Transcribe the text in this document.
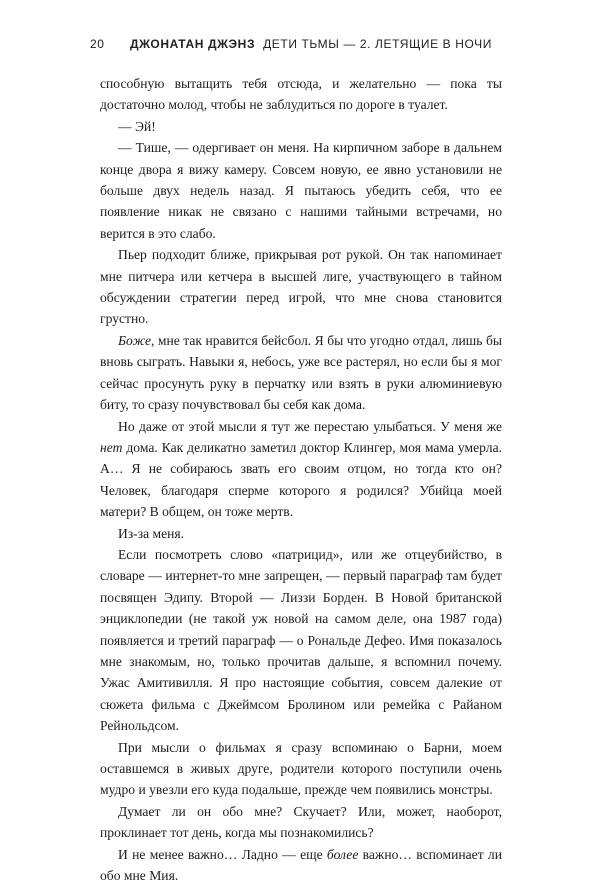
20 ДЖОНАТАН ДЖЭНЗ ДЕТИ ТЬМЫ — 2. ЛЕТЯЩИЕ В НОЧИ

способную вытащить тебя отсюда, и желательно — пока ты достаточно молод, чтобы не заблудиться по дороге в туалет.

— Эй!

— Тише, — одергивает он меня. На кирпичном заборе в дальнем конце двора я вижу камеру. Совсем новую, ее явно установили не больше двух недель назад. Я пытаюсь убедить себя, что ее появление никак не связано с нашими тайными встречами, но верится в это слабо.

Пьер подходит ближе, прикрывая рот рукой. Он так напоминает мне питчера или кетчера в высшей лиге, участвующего в тайном обсуждении стратегии перед игрой, что мне снова становится грустно.

Боже, мне так нравится бейсбол. Я бы что угодно отдал, лишь бы вновь сыграть. Навыки я, небось, уже все растерял, но если бы я мог сейчас просунуть руку в перчатку или взять в руки алюминиевую биту, то сразу почувствовал бы себя как дома.

Но даже от этой мысли я тут же перестаю улыбаться. У меня же нет дома. Как деликатно заметил доктор Клингер, моя мама умерла. А… Я не собираюсь звать его своим отцом, но тогда кто он? Человек, благодаря сперме которого я родился? Убийца моей матери? В общем, он тоже мертв.

Из-за меня.

Если посмотреть слово «патрицид», или же отцеубийство, в словаре — интернет-то мне запрещен, — первый параграф там будет посвящен Эдипу. Второй — Лиззи Борден. В Новой британской энциклопедии (не такой уж новой на самом деле, она 1987 года) появляется и третий параграф — о Рональде Дефео. Имя показалось мне знакомым, но, только прочитав дальше, я вспомнил почему. Ужас Амитивилля. Я про настоящие события, совсем далекие от сюжета фильма с Джеймсом Бролином или ремейка с Райаном Рейнольдсом.

При мысли о фильмах я сразу вспоминаю о Барни, моем оставшемся в живых друге, родители которого поступили очень мудро и увезли его куда подальше, прежде чем появились монстры.

Думает ли он обо мне? Скучает? Или, может, наоборот, проклинает тот день, когда мы познакомились?

И не менее важно… Ладно — еще более важно… вспоминает ли обо мне Мия.
